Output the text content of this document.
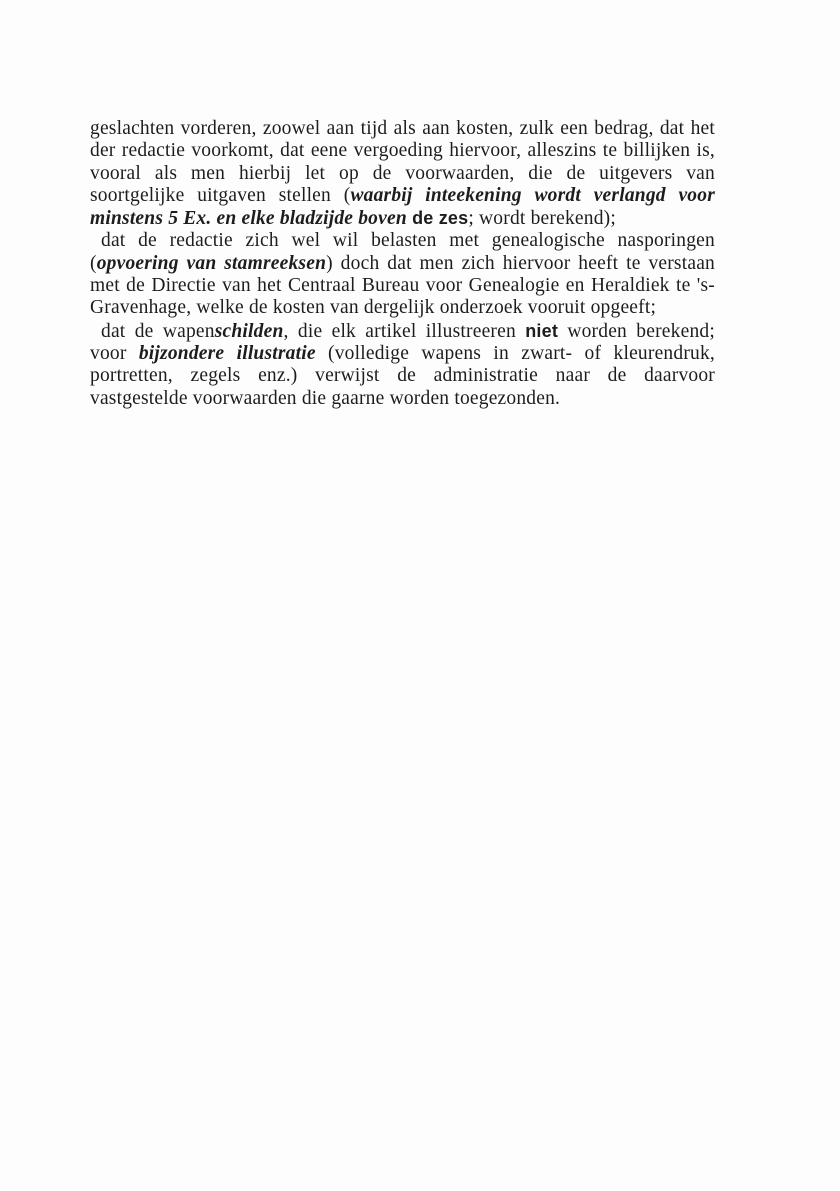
geslachten vorderen, zoowel aan tijd als aan kosten, zulk een bedrag, dat het der redactie voorkomt, dat eene vergoeding hiervoor, alleszins te billijken is, vooral als men hierbij let op de voorwaarden, die de uitgevers van soortgelijke uitgaven stellen (waarbij inteekening wordt verlangd voor minstens 5 Ex. en elke bladzijde boven de zes; wordt berekend);

dat de redactie zich wel wil belasten met genealogische nasporingen (opvoering van stamreeksen) doch dat men zich hiervoor heeft te verstaan met de Directie van het Centraal Bureau voor Genealogie en Heraldiek te 's-Gravenhage, welke de kosten van dergelijk onderzoek vooruit opgeeft;

dat de wapenschilden, die elk artikel illustreeren niet worden berekend; voor bijzondere illustratie (volledige wapens in zwart- of kleurendruk, portretten, zegels enz.) verwijst de administratie naar de daarvoor vastgestelde voorwaarden die gaarne worden toegezonden.
